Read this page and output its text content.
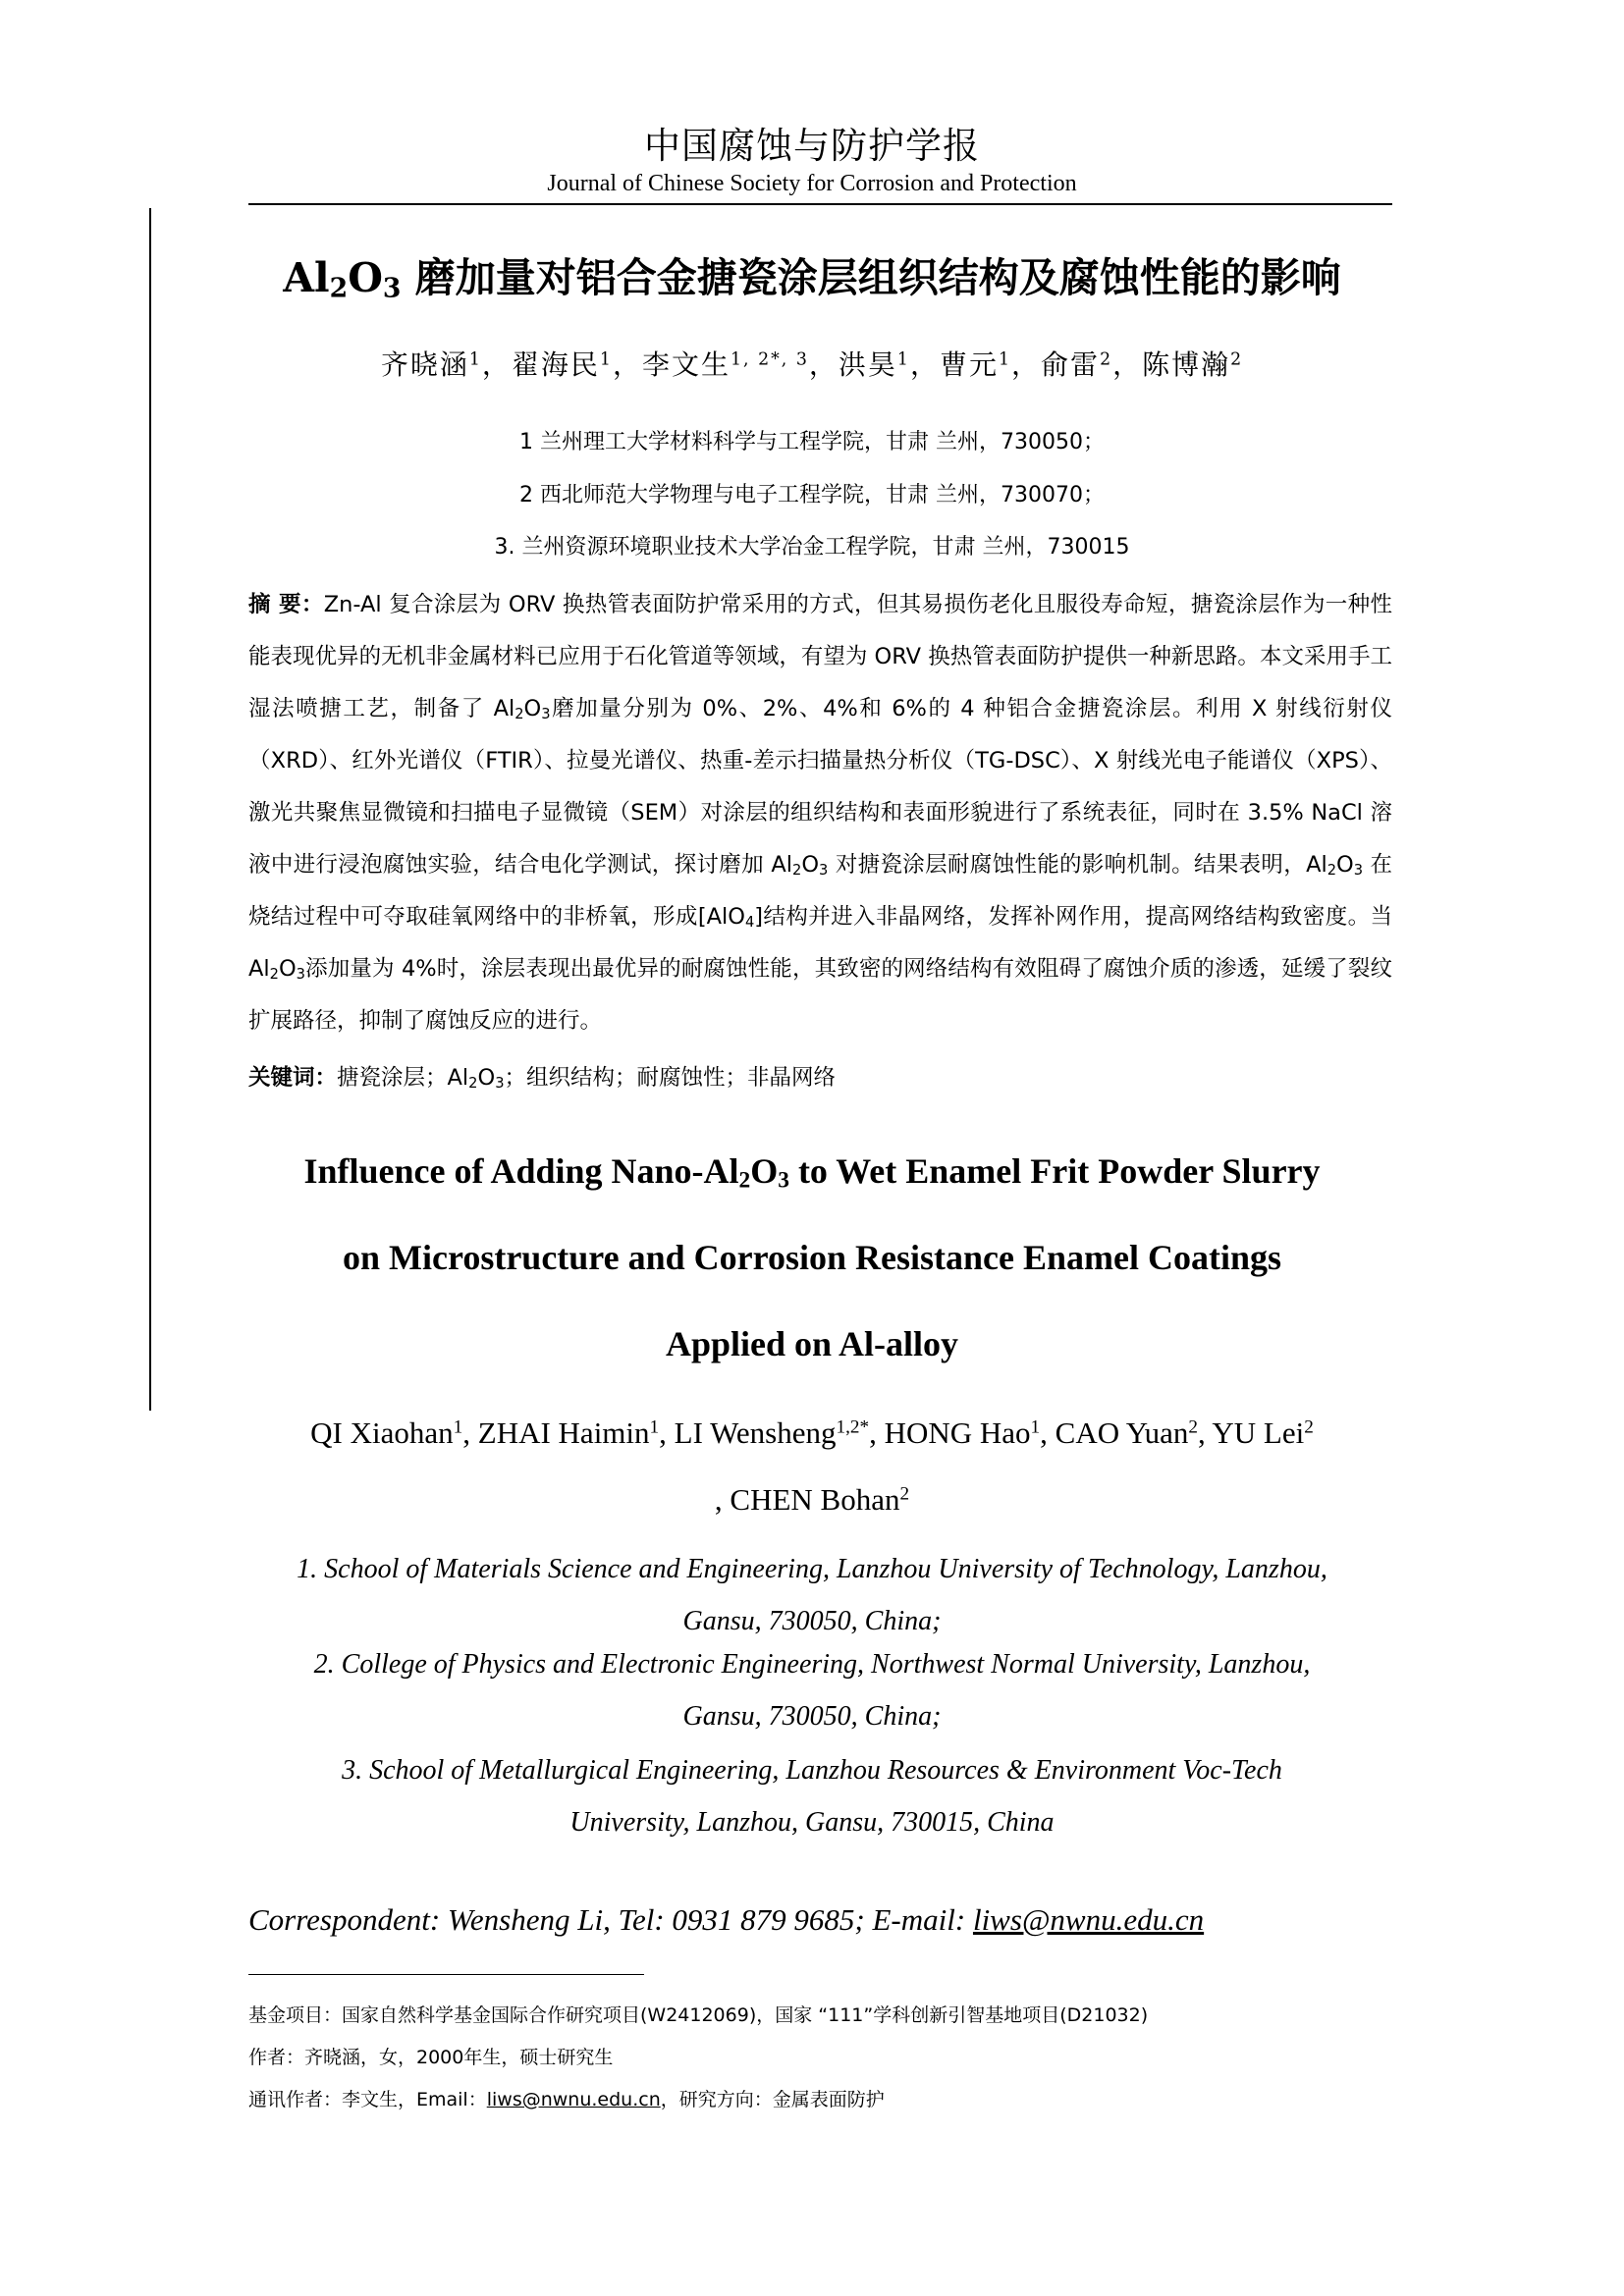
中国腐蚀与防护学报
Journal of Chinese Society for Corrosion and Protection
$Al_2O_3$ 磨加量对铝合金搪瓷涂层组织结构及腐蚀性能的影响
齐晓涵$^1$，翟海民$^1$，李文生$^{1, 2*, 3}$，洪昊$^1$，曹元$^1$，俞雷$^2$，陈博瀚$^2$
1 兰州理工大学材料科学与工程学院，甘肃 兰州，730050；
2 西北师范大学物理与电子工程学院，甘肃 兰州，730070；
3. 兰州资源环境职业技术大学冶金工程学院，甘肃 兰州，730015
摘 要：Zn-Al 复合涂层为 ORV 换热管表面防护常采用的方式，但其易损伤老化且服役寿命短，搪瓷涂层作为一种性能表现优异的无机非金属材料已应用于石化管道等领域，有望为 ORV 换热管表面防护提供一种新思路。本文采用手工湿法喷搪工艺，制备了 $Al_2O_3$磨加量分别为 0%、2%、4%和 6%的 4 种铝合金搪瓷涂层。利用 X 射线衍射仪（XRD）、红外光谱仪（FTIR）、拉曼光谱仪、热重-差示扫描量热分析仪（TG-DSC）、X 射线光电子能谱仪（XPS）、激光共聚焦显微镜和扫描电子显微镜（SEM）对涂层的组织结构和表面形貌进行了系统表征，同时在 3.5% NaCl 溶液中进行浸泡腐蚀实验，结合电化学测试，探讨磨加 $Al_2O_3$ 对搪瓷涂层耐腐蚀性能的影响机制。结果表明，$Al_2O_3$ 在烧结过程中可夺取硅氧网络中的非桥氧，形成[AlO$_4$]结构并进入非晶网络，发挥补网作用，提高网络结构致密度。当 $Al_2O_3$添加量为 4%时，涂层表现出最优异的耐腐蚀性能，其致密的网络结构有效阻碍了腐蚀介质的渗透，延缓了裂纹扩展路径，抑制了腐蚀反应的进行。
关键词：搪瓷涂层；$Al_2O_3$；组织结构；耐腐蚀性；非晶网络
Influence of Adding Nano-$Al_2O_3$ to Wet Enamel Frit Powder Slurry
on Microstructure and Corrosion Resistance Enamel Coatings
Applied on Al-alloy
QI Xiaohan$^1$, ZHAI Haimin$^1$, LI Wensheng$^{1,2*}$, HONG Hao$^1$, CAO Yuan$^2$, YU Lei$^2$
, CHEN Bohan$^2$
1. School of Materials Science and Engineering, Lanzhou University of Technology, Lanzhou,
Gansu, 730050, China;
2. College of Physics and Electronic Engineering, Northwest Normal University, Lanzhou,
Gansu, 730050, China;
3. School of Metallurgical Engineering, Lanzhou Resources & Environment Voc-Tech
University, Lanzhou, Gansu, 730015, China
Correspondent: Wensheng Li, Tel: 0931 879 9685; E-mail: liws@nwnu.edu.cn
基金项目：国家自然科学基金国际合作研究项目(W2412069)，国家 “111”学科创新引智基地项目(D21032)
作者：齐晓涵，女，2000年生，硕士研究生
通讯作者：李文生，Email：liws@nwnu.edu.cn，研究方向：金属表面防护
